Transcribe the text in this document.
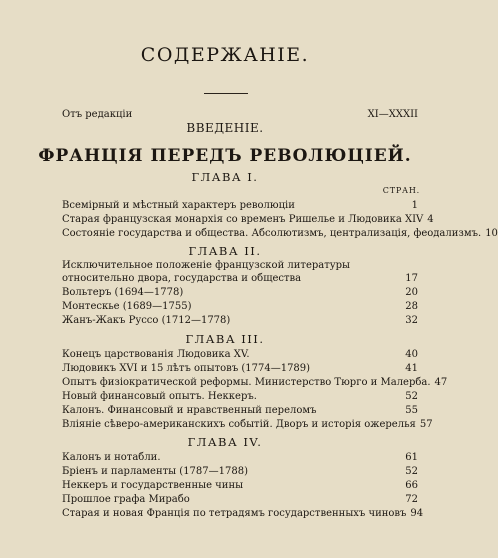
СОДЕРЖАНІЕ.
Отъ редакціи	XI—XXXII
ВВЕДЕНІЕ.
ФРАНЦІЯ ПЕРЕДЪ РЕВОЛЮЦІЕЙ.
ГЛАВА I.
СТРАН.
Всемірный и мѣстный характеръ революціи	1
Старая французская монархія со временъ Ришелье и Людовика XIV 4
Состояніе государства и общества. Абсолютизмъ, централизація, феодализмъ. 10
ГЛАВА II.
Исключительное положеніе французской литературы относительно двора, государства и общества	17
Вольтеръ (1694—1778)	20
Монтескье (1689—1755)	28
Жанъ-Жакъ Руссо (1712—1778)	32
ГЛАВА III.
Конецъ царствованія Людовика XV.	40
Людовикъ XVI и 15 лѣтъ опытовъ (1774—1789)	41
Опытъ физіократической реформы. Министерство Тюрго и Малерба. 47
Новый финансовый опытъ. Неккеръ.	52
Калонъ. Финансовый и нравственный переломъ	55
Вліяніе сѣверо-американскихъ событій. Дворъ и исторія ожерелья 57
ГЛАВА IV.
Калонъ и нотабли.	61
Бріенъ и парламенты (1787—1788)	52
Неккеръ и государственные чины	66
Прошлое графа Мирабо	72
Старая и новая Франція по тетрадямъ государственныхъ чиновъ 94
